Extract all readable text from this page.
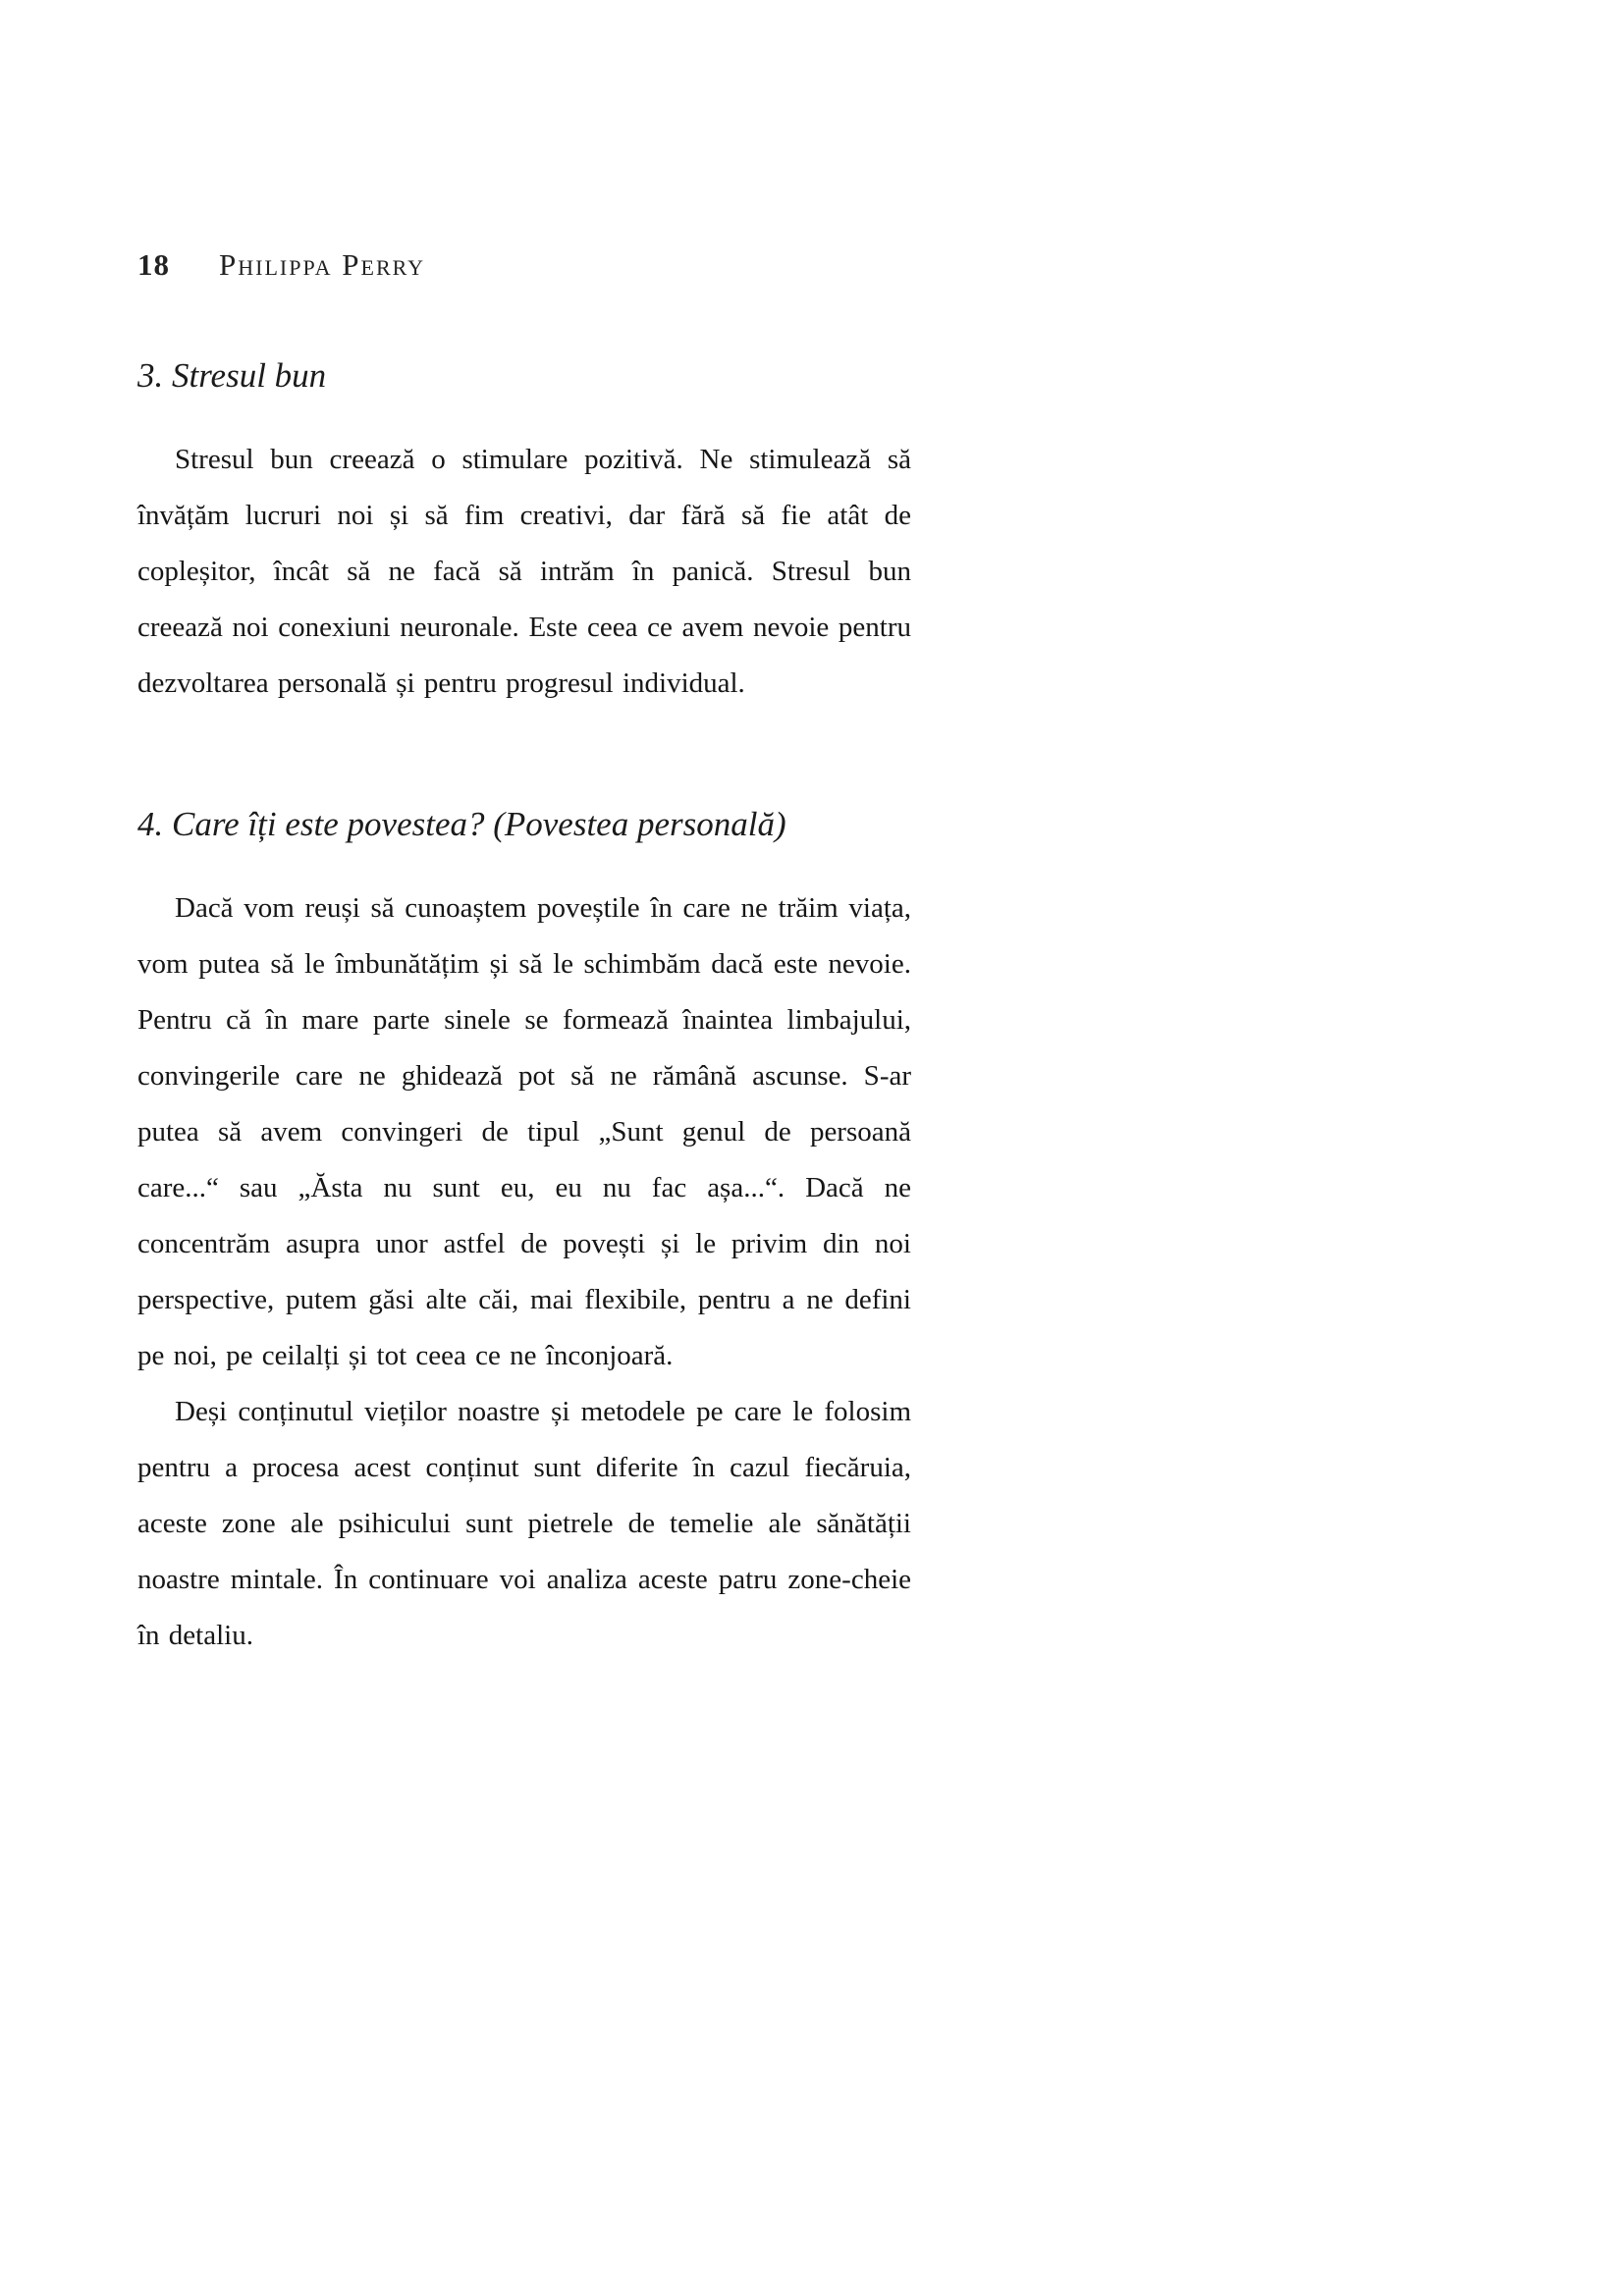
18 Philippa Perry
3. Stresul bun

Stresul bun creează o stimulare pozitivă. Ne stimulează să învățăm lucruri noi și să fim creativi, dar fără să fie atât de copleșitor, încât să ne facă să intrăm în panică. Stresul bun creează noi conexiuni neuronale. Este ceea ce avem nevoie pentru dezvoltarea personală și pentru progresul individual.

4. Care îți este povestea? (Povestea personală)

Dacă vom reuși să cunoaștem poveștile în care ne trăim viața, vom putea să le îmbunătățim și să le schimbăm dacă este nevoie. Pentru că în mare parte sinele se formează înaintea limbajului, convingerile care ne ghidează pot să ne rămână ascunse. S-ar putea să avem convingeri de tipul „Sunt genul de persoană care...“ sau „Ăsta nu sunt eu, eu nu fac așa...“. Dacă ne concentrăm asupra unor astfel de povești și le privim din noi perspective, putem găsi alte căi, mai flexibile, pentru a ne defini pe noi, pe ceilalți și tot ceea ce ne înconjoară.

Deși conținutul vieților noastre și metodele pe care le folosim pentru a procesa acest conținut sunt diferite în cazul fiecăruia, aceste zone ale psihicului sunt pietrele de temelie ale sănătății noastre mintale. În continuare voi analiza aceste patru zone-cheie în detaliu.
